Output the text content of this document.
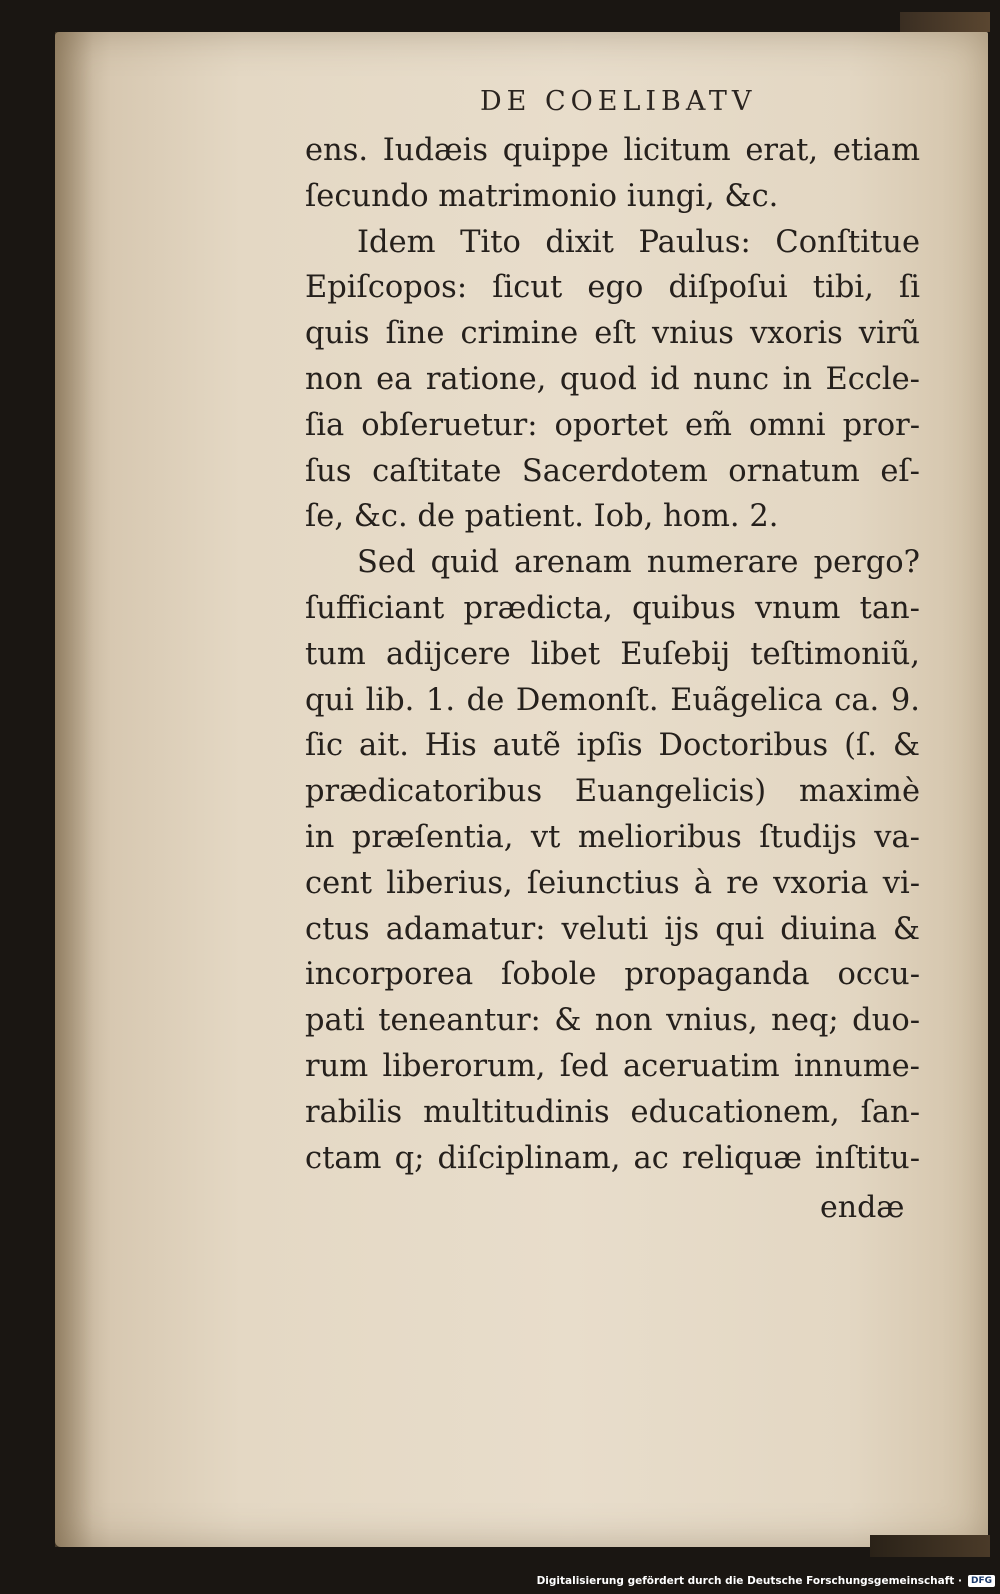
DE COELIBATV
ens. Iudæis quippe licitum erat, etiam
ſecundo matrimonio iungi, &c.
Idem Tito dixit Paulus: Conſtitue
Epiſcopos: ſicut ego diſpoſui tibi, ſi
quis ſine crimine eſt vnius vxoris virũ
non ea ratione, quod id nunc in Eccle-
ſia obſeruetur: oportet em̃ omni pror-
ſus caſtitate Sacerdotem ornatum eſ-
ſe, &c. de patient. Iob, hom. 2.
Sed quid arenam numerare pergo?
ſufficiant prædicta, quibus vnum tan-
tum adijcere libet Euſebij teſtimoniũ,
qui lib. 1. de Demonſt. Euãgelica ca. 9.
ſic ait. His autẽ ipſis Doctoribus (ſ. &
prædicatoribus Euangelicis) maximè
in præſentia, vt melioribus ſtudijs va-
cent liberius, ſeiunctius à re vxoria vi-
ctus adamatur: veluti ijs qui diuina &
incorporea ſobole propaganda occu-
pati teneantur: & non vnius, neq; duo-
rum liberorum, ſed aceruatim innume-
rabilis multitudinis educationem, ſan-
ctam q; diſciplinam, ac reliquæ inſtitu-
endæ
Digitalisierung gefördert durch die Deutsche Forschungsgemeinschaft ·	DFG
